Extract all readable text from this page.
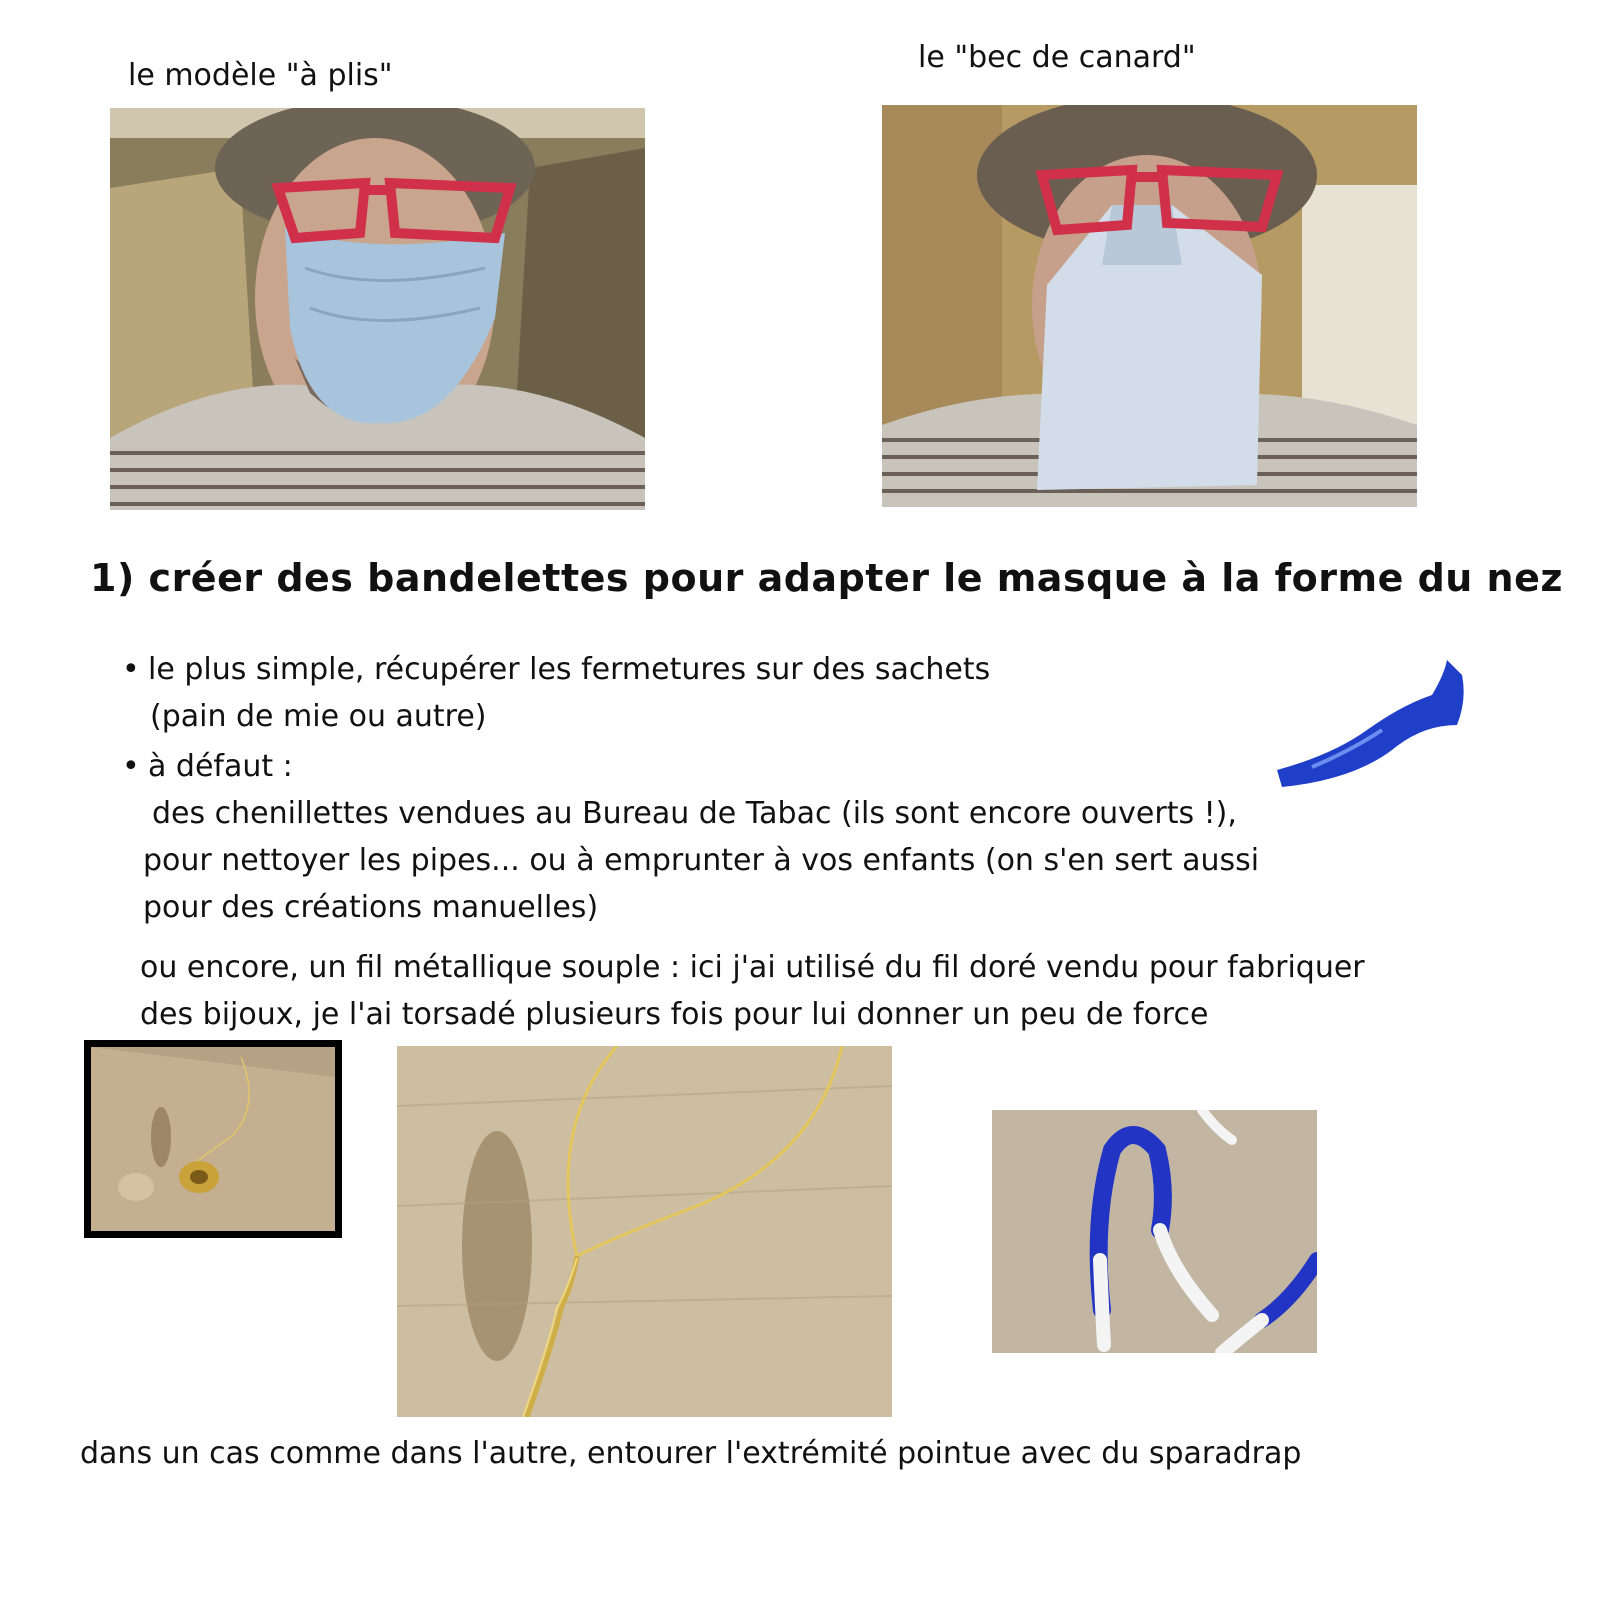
le modèle "à plis"
le "bec de canard"
1) créer des bandelettes pour adapter le masque à la forme du nez
• le plus simple, récupérer les fermetures sur des sachets
(pain de mie ou autre)
• à défaut :
des chenillettes vendues au Bureau de Tabac (ils sont encore ouverts !),
pour nettoyer les pipes... ou à emprunter à vos enfants (on s'en sert aussi
pour des créations manuelles)
ou encore, un fil métallique souple : ici j'ai utilisé du fil doré vendu pour fabriquer
des bijoux, je l'ai torsadé plusieurs fois pour lui donner un peu de force
dans un cas comme dans l'autre, entourer l'extrémité pointue avec du sparadrap
